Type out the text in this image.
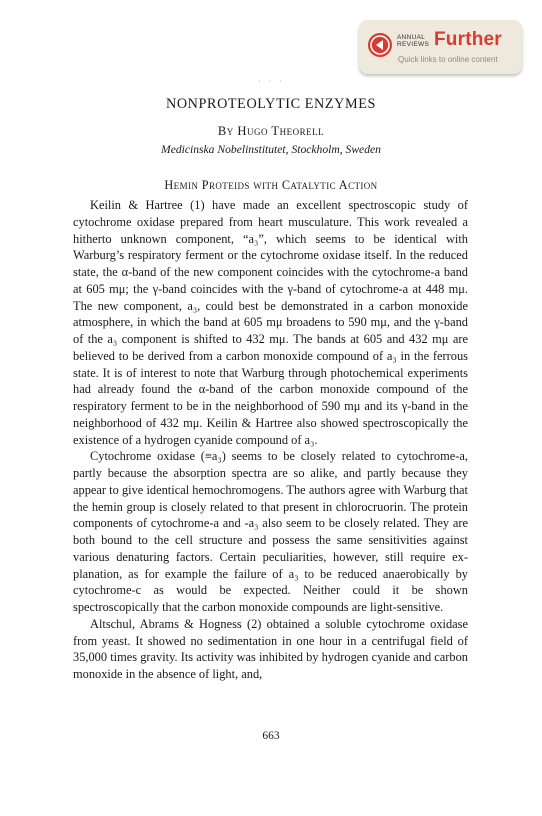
ANNUAL
REVIEWS Further
Quick links to online content
· · ·
NONPROTEOLYTIC ENZYMES
By Hugo Theorell
Medicinska Nobelinstitutet, Stockholm, Sweden
Hemin Proteids with Catalytic Action

Keilin & Hartree (1) have made an excellent spectroscopic study of cytochrome oxidase prepared from heart musculature. This work revealed a hitherto unknown component, “a₃”, which seems to be identical with Warburg’s respiratory ferment or the cytochrome oxidase itself. In the reduced state, the α-band of the new component coincides with the cytochrome-a band at 605 mμ; the γ-band coincides with the γ-band of cytochrome-a at 448 mμ. The new component, a₃, could best be demonstrated in a carbon monoxide atmosphere, in which the band at 605 mμ broadens to 590 mμ, and the γ-band of the a₃ component is shifted to 432 mμ. The bands at 605 and 432 mμ are believed to be derived from a carbon monoxide compound of a₃ in the ferrous state. It is of interest to note that Warburg through photochemical experiments had already found the α-band of the carbon monoxide compound of the respiratory ferment to be in the neighborhood of 590 mμ and its γ-band in the neighborhood of 432 mμ. Keilin & Hartree also showed spectroscopically the existence of a hydrogen cyanide compound of a₃.

Cytochrome oxidase (≡a₃) seems to be closely related to cytochrome-a, partly because the absorption spectra are so alike, and partly because they appear to give identical hemochromogens. The authors agree with Warburg that the hemin group is closely related to that present in chlorocruorin. The protein components of cytochrome-a and -a₃ also seem to be closely related. They are both bound to the cell structure and possess the same sensitivities against various denaturing factors. Certain peculiarities, however, still require explanation, as for example the failure of a₃ to be reduced anaerobically by cytochrome-c as would be expected. Neither could it be shown spectroscopically that the carbon monoxide compounds are light-sensitive.

Altschul, Abrams & Hogness (2) obtained a soluble cytochrome oxidase from yeast. It showed no sedimentation in one hour in a centrifugal field of 35,000 times gravity. Its activity was inhibited by hydrogen cyanide and carbon monoxide in the absence of light, and,

663
